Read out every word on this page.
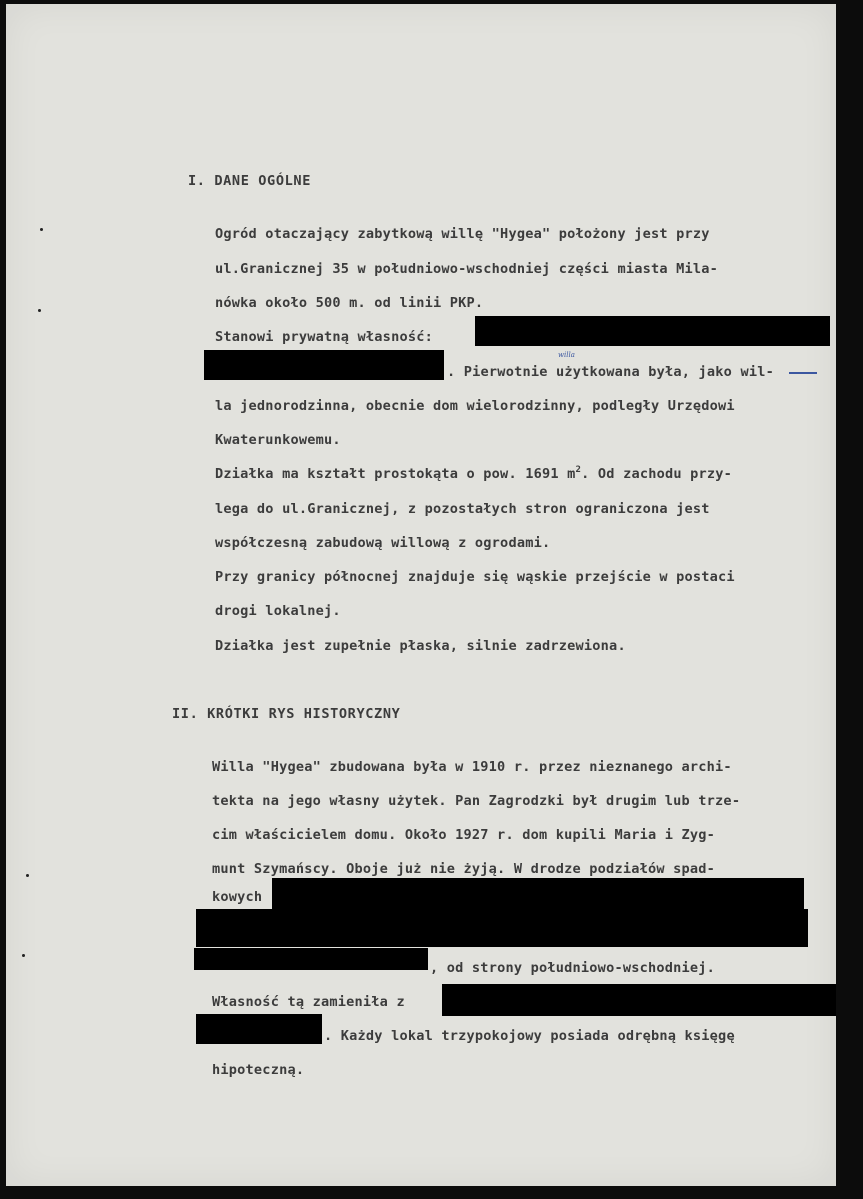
I. DANE OGÓLNE
Ogród otaczający zabytkową willę "Hygea" położony jest przy
ul.Granicznej 35 w południowo-wschodniej części miasta Mila-
nówka około 500 m. od linii PKP.
Stanowi prywatną własność:
. Pierwotnie użytkowana była, jako wil-
willa
la jednorodzinna, obecnie dom wielorodzinny, podległy Urzędowi
Kwaterunkowemu.
Działka ma kształt prostokąta o pow. 1691 $m^2$. Od zachodu przy-
lega do ul.Granicznej, z pozostałych stron ograniczona jest
współczesną zabudową willową z ogrodami.
Przy granicy północnej znajduje się wąskie przejście w postaci
drogi lokalnej.
Działka jest zupełnie płaska, silnie zadrzewiona.
II. KRÓTKI RYS HISTORYCZNY
Willa "Hygea" zbudowana była w 1910 r. przez nieznanego archi-
tekta na jego własny użytek. Pan Zagrodzki był drugim lub trze-
cim właścicielem domu. Około 1927 r. dom kupili Maria i Zyg-
munt Szymańscy. Oboje już nie żyją. W drodze podziałów spad-
kowych
, od strony południowo-wschodniej.
Własność tą zamieniła z
. Każdy lokal trzypokojowy posiada odrębną księgę
hipoteczną.
